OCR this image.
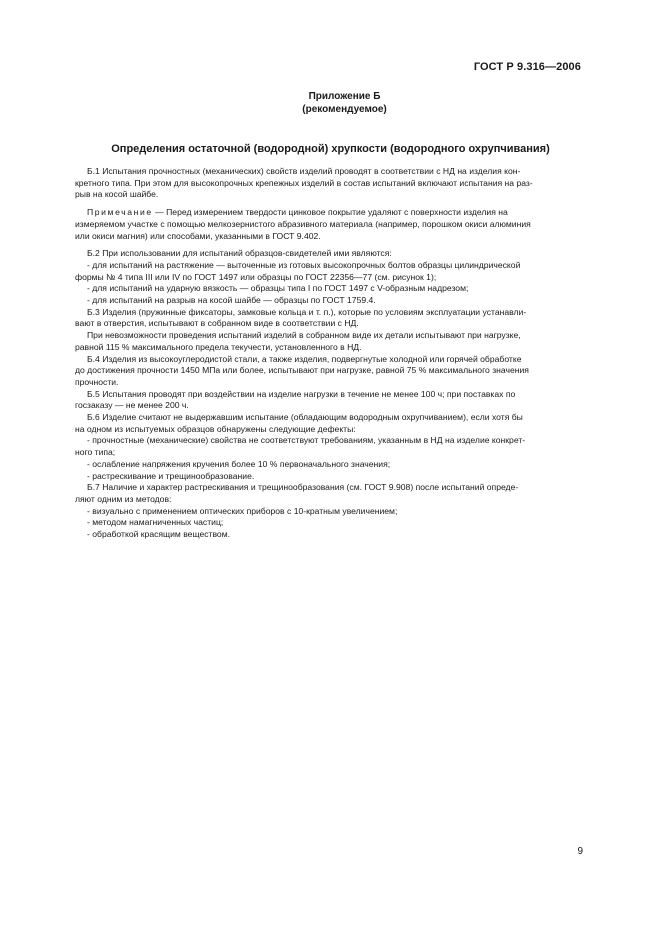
ГОСТ Р 9.316—2006
Приложение Б
(рекомендуемое)
Определения остаточной (водородной) хрупкости (водородного охрупчивания)

Б.1 Испытания прочностных (механических) свойств изделий проводят в соответствии с НД на изделия кон-
кретного типа. При этом для высокопрочных крепежных изделий в состав испытаний включают испытания на раз-
рыв на косой шайбе.

Примечание — Перед измерением твердости цинковое покрытие удаляют с поверхности изделия на
измеряемом участке с помощью мелкозернистого абразивного материала (например, порошком окиси алюминия
или окиси магния) или способами, указанными в ГОСТ 9.402.

Б.2 При использовании для испытаний образцов-свидетелей ими являются:
- для испытаний на растяжение — выточенные из готовых высокопрочных болтов образцы цилиндрической
формы № 4 типа III или IV по ГОСТ 1497 или образцы по ГОСТ 22356—77 (см. рисунок 1);
- для испытаний на ударную вязкость — образцы типа I по ГОСТ 1497 с V-образным надрезом;
- для испытаний на разрыв на косой шайбе — образцы по ГОСТ 1759.4.

Б.3 Изделия (пружинные фиксаторы, замковые кольца и т. п.), которые по условиям эксплуатации устанавли-
вают в отверстия, испытывают в собранном виде в соответствии с НД.
При невозможности проведения испытаний изделий в собранном виде их детали испытывают при нагрузке,
равной 115 % максимального предела текучести, установленного в НД.

Б.4 Изделия из высокоуглеродистой стали, а также изделия, подвергнутые холодной или горячей обработке
до достижения прочности 1450 МПа или более, испытывают при нагрузке, равной 75 % максимального значения
прочности.

Б.5 Испытания проводят при воздействии на изделие нагрузки в течение не менее 100 ч; при поставках по
госзаказу — не менее 200 ч.

Б.6 Изделие считают не выдержавшим испытание (обладающим водородным охрупчиванием), если хотя бы
на одном из испытуемых образцов обнаружены следующие дефекты:
- прочностные (механические) свойства не соответствуют требованиям, указанным в НД на изделие конкрет-
ного типа;
- ослабление напряжения кручения более 10 % первоначального значения;
- растрескивание и трещинообразование.

Б.7 Наличие и характер растрескивания и трещинообразования (см. ГОСТ 9.908) после испытаний опреде-
ляют одним из методов:
- визуально с применением оптических приборов с 10-кратным увеличением;
- методом намагниченных частиц;
- обработкой красящим веществом.

9
